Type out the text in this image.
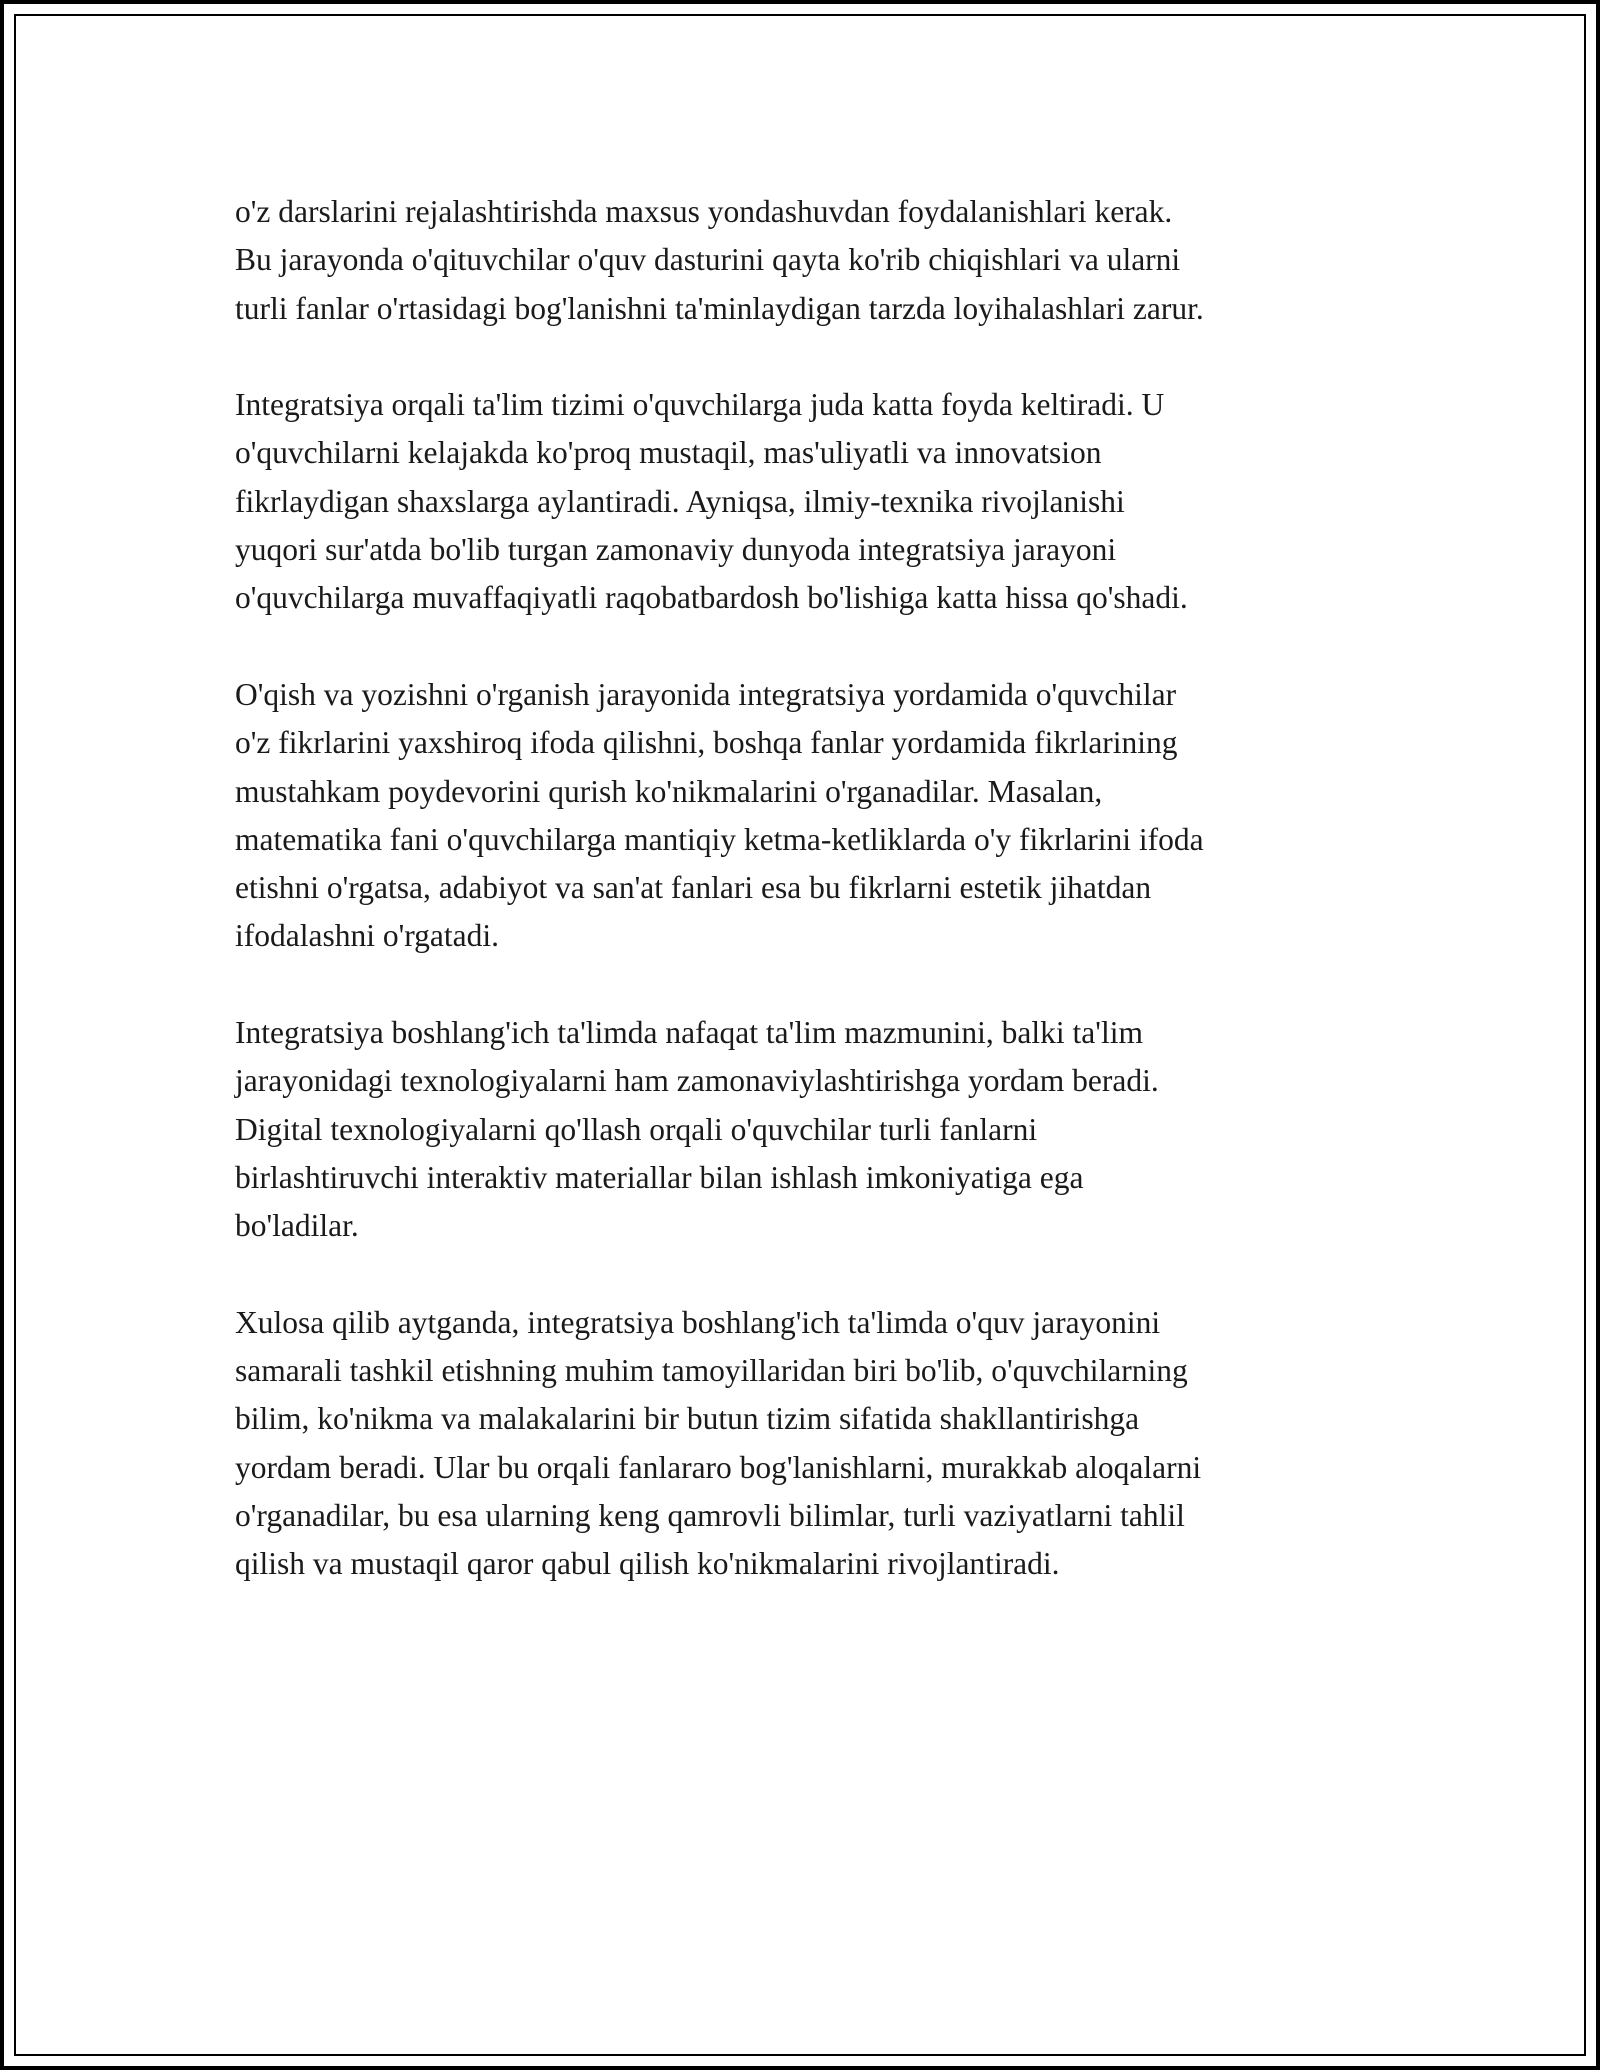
o'z darslarini rejalashtirishda maxsus yondashuvdan foydalanishlari kerak.
Bu jarayonda o'qituvchilar o'quv dasturini qayta ko'rib chiqishlari va ularni
turli fanlar o'rtasidagi bog'lanishni ta'minlaydigan tarzda loyihalashlari zarur.

Integratsiya orqali ta'lim tizimi o'quvchilarga juda katta foyda keltiradi. U
o'quvchilarni kelajakda ko'proq mustaqil, mas'uliyatli va innovatsion
fikrlaydigan shaxslarga aylantiradi. Ayniqsa, ilmiy-texnika rivojlanishi
yuqori sur'atda bo'lib turgan zamonaviy dunyoda integratsiya jarayoni
o'quvchilarga muvaffaqiyatli raqobatbardosh bo'lishiga katta hissa qo'shadi.

O'qish va yozishni o'rganish jarayonida integratsiya yordamida o'quvchilar
o'z fikrlarini yaxshiroq ifoda qilishni, boshqa fanlar yordamida fikrlarining
mustahkam poydevorini qurish ko'nikmalarini o'rganadilar. Masalan,
matematika fani o'quvchilarga mantiqiy ketma-ketliklarda o'y fikrlarini ifoda
etishni o'rgatsa, adabiyot va san'at fanlari esa bu fikrlarni estetik jihatdan
ifodalashni o'rgatadi.

Integratsiya boshlang'ich ta'limda nafaqat ta'lim mazmunini, balki ta'lim
jarayonidagi texnologiyalarni ham zamonaviylashtirishga yordam beradi.
Digital texnologiyalarni qo'llash orqali o'quvchilar turli fanlarni
birlashtiruvchi interaktiv materiallar bilan ishlash imkoniyatiga ega
bo'ladilar.

Xulosa qilib aytganda, integratsiya boshlang'ich ta'limda o'quv jarayonini
samarali tashkil etishning muhim tamoyillaridan biri bo'lib, o'quvchilarning
bilim, ko'nikma va malakalarini bir butun tizim sifatida shakllantirishga
yordam beradi. Ular bu orqali fanlararo bog'lanishlarni, murakkab aloqalarni
o'rganadilar, bu esa ularning keng qamrovli bilimlar, turli vaziyatlarni tahlil
qilish va mustaqil qaror qabul qilish ko'nikmalarini rivojlantiradi.
